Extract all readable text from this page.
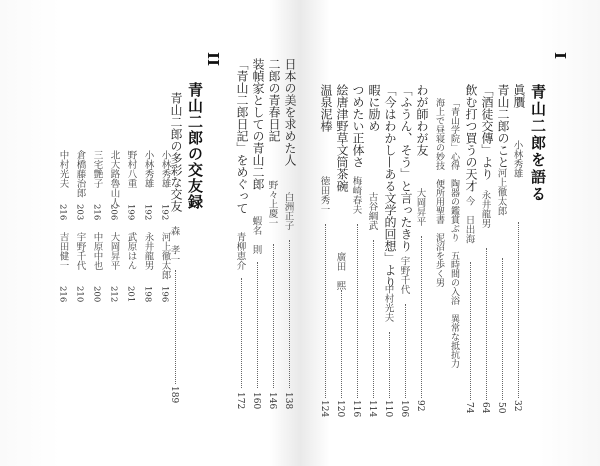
I
青山二郎を語る
眞贋
小林秀雄
32
青山二郎のこと
河上徹太郎
50
「酒徒交傳」より
永井龍男
64
飲む打つ買うの天才
今　日出海
74
「青山学院」心得　陶器の鑑賞ぶり　五時間の入浴　異常な抵抗力
海上で昼寝の妙技　便所用聖書　泥沼を歩く男
わが師わが友
大岡昇平
92
「ふうん、そう」と言ったきり
宇野千代
106
「今はわかし—ある文学的回想」より
中村光夫
110
暇に励め
古谷綱武
114
つめたい正体さ
梅崎春夫
116
絵唐津野草文筒茶碗
廣田　熙
120
温泉泥棒
徳田秀一
124
日本の美を求めた人
白洲正子
138
二郎の青春日記
野々上慶一
146
装幀家としての青山二郎
蝦名　則
160
「青山二郎日記」をめぐって
青柳恵介
172
II
青山二郎の交友録
青山二郎の多彩な交友
森　孝一
189
小林秀雄
192
河上徹太郎
196
小林秀雄
192
永井龍男
198
野村八重
199
武原はん
201
北大路魯山人
206
大岡昇平
212
三宅艶子
216
中原中也
200
倉橋藤治郎
203
宇野千代
210
中村光夫
216
吉田健一
216
